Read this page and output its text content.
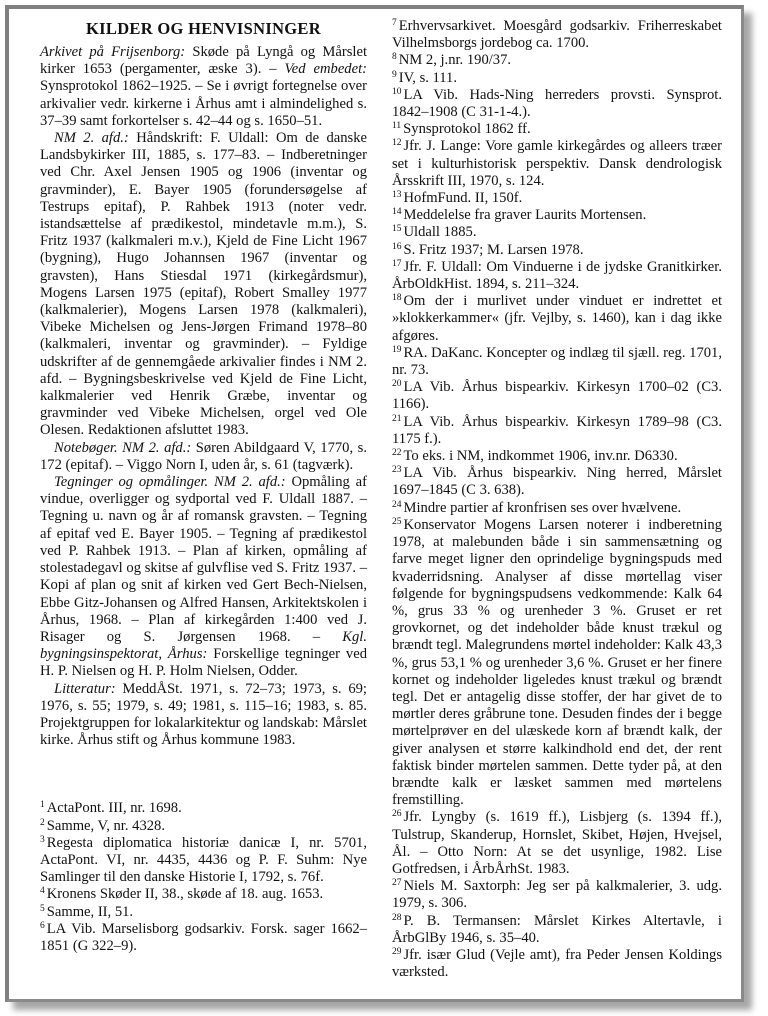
KILDER OG HENVISNINGER

Arkivet på Frijsenborg: Skøde på Lyngå og Mårslet kirker 1653 (pergamenter, æske 3). – Ved embedet: Synsprotokol 1862–1925. – Se i øvrigt fortegnelse over arkivalier vedr. kirkerne i Århus amt i almindelighed s. 37–39 samt forkortelser s. 42–44 og s. 1650–51.

NM 2. afd.: Håndskrift: F. Uldall: Om de danske Landsbykirker III, 1885, s. 177–83. – Indberetninger ved Chr. Axel Jensen 1905 og 1906 (inventar og gravminder), E. Bayer 1905 (forundersøgelse af Testrups epitaf), P. Rahbek 1913 (noter vedr. istandsættelse af prædikestol, mindetavle m.m.), S. Fritz 1937 (kalkmaleri m.v.), Kjeld de Fine Licht 1967 (bygning), Hugo Johannsen 1967 (inventar og gravsten), Hans Stiesdal 1971 (kirkegårdsmur), Mogens Larsen 1975 (epitaf), Robert Smalley 1977 (kalkmalerier), Mogens Larsen 1978 (kalkmaleri), Vibeke Michelsen og Jens-Jørgen Frimand 1978–80 (kalkmaleri, inventar og gravminder). – Fyldige udskrifter af de gennemgåede arkivalier findes i NM 2. afd. – Bygningsbeskrivelse ved Kjeld de Fine Licht, kalkmalerier ved Henrik Græbe, inventar og gravminder ved Vibeke Michelsen, orgel ved Ole Olesen. Redaktionen afsluttet 1983.

Notebøger. NM 2. afd.: Søren Abildgaard V, 1770, s. 172 (epitaf). – Viggo Norn I, uden år, s. 61 (tagværk).

Tegninger og opmålinger. NM 2. afd.: Opmåling af vindue, overligger og sydportal ved F. Uldall 1887. – Tegning u. navn og år af romansk gravsten. – Tegning af epitaf ved E. Bayer 1905. – Tegning af prædikestol ved P. Rahbek 1913. – Plan af kirken, opmåling af stolestadegavl og skitse af gulvflise ved S. Fritz 1937. – Kopi af plan og snit af kirken ved Gert Bech-Nielsen, Ebbe Gitz-Johansen og Alfred Hansen, Arkitektskolen i Århus, 1968. – Plan af kirkegården 1:400 ved J. Risager og S. Jørgensen 1968. – Kgl. bygningsinspektorat, Århus: Forskellige tegninger ved H. P. Nielsen og H. P. Holm Nielsen, Odder.

Litteratur: MeddÅSt. 1971, s. 72–73; 1973, s. 69; 1976, s. 55; 1979, s. 49; 1981, s. 115–16; 1983, s. 85. Projektgruppen for lokalarkitektur og landskab: Mårslet kirke. Århus stift og Århus kommune 1983.

$^1$ ActaPont. III, nr. 1698.

$^2$ Samme, V, nr. 4328.

$^3$ Regesta diplomatica historiæ danicæ I, nr. 5701, ActaPont. VI, nr. 4435, 4436 og P. F. Suhm: Nye Samlinger til den danske Historie I, 1792, s. 76f.

$^4$ Kronens Skøder II, 38., skøde af 18. aug. 1653.

$^5$ Samme, II, 51.

$^6$ LA Vib. Marselisborg godsarkiv. Forsk. sager 1662–1851 (G 322–9).

$^7$ Erhvervsarkivet. Moesgård godsarkiv. Friherreskabet Vilhelmsborgs jordebog ca. 1700.

$^8$ NM 2, j.nr. 190/37.

$^9$ IV, s. 111.

$^{10}$ LA Vib. Hads-Ning herreders provsti. Synsprot. 1842–1908 (C 31-1-4.).

$^{11}$ Synsprotokol 1862 ff.

$^{12}$ Jfr. J. Lange: Vore gamle kirkegårdes og alleers træer set i kulturhistorisk perspektiv. Dansk dendrologisk Årsskrift III, 1970, s. 124.

$^{13}$ HofmFund. II, 150f.

$^{14}$ Meddelelse fra graver Laurits Mortensen.

$^{15}$ Uldall 1885.

$^{16}$ S. Fritz 1937; M. Larsen 1978.

$^{17}$ Jfr. F. Uldall: Om Vinduerne i de jydske Granitkirker. ÅrbOldkHist. 1894, s. 211–324.

$^{18}$ Om der i murlivet under vinduet er indrettet et »klokkerkammer« (jfr. Vejlby, s. 1460), kan i dag ikke afgøres.

$^{19}$ RA. DaKanc. Koncepter og indlæg til sjæll. reg. 1701, nr. 73.

$^{20}$ LA Vib. Århus bispearkiv. Kirkesyn 1700–02 (C3. 1166).

$^{21}$ LA Vib. Århus bispearkiv. Kirkesyn 1789–98 (C3. 1175 f.).

$^{22}$ To eks. i NM, indkommet 1906, inv.nr. D6330.

$^{23}$ LA Vib. Århus bispearkiv. Ning herred, Mårslet 1697–1845 (C 3. 638).

$^{24}$ Mindre partier af kronfrisen ses over hvælvene.

$^{25}$ Konservator Mogens Larsen noterer i indberetning 1978, at malebunden både i sin sammensætning og farve meget ligner den oprindelige bygningspuds med kvaderridsning. Analyser af disse mørtellag viser følgende for bygningspudsens vedkommende: Kalk 64 %, grus 33 % og urenheder 3 %. Gruset er ret grovkornet, og det indeholder både knust trækul og brændt tegl. Malegrundens mørtel indeholder: Kalk 43,3 %, grus 53,1 % og urenheder 3,6 %. Gruset er her finere kornet og indeholder ligeledes knust trækul og brændt tegl. Det er antagelig disse stoffer, der har givet de to mørtler deres gråbrune tone. Desuden findes der i begge mørtelprøver en del ulæskede korn af brændt kalk, der giver analysen et større kalkindhold end det, der rent faktisk binder mørtelen sammen. Dette tyder på, at den brændte kalk er læsket sammen med mørtelens fremstilling.

$^{26}$ Jfr. Lyngby (s. 1619 ff.), Lisbjerg (s. 1394 ff.), Tulstrup, Skanderup, Hornslet, Skibet, Højen, Hvejsel, Ål. – Otto Norn: At se det usynlige, 1982. Lise Gotfredsen, i ÅrbÅrhSt. 1983.

$^{27}$ Niels M. Saxtorph: Jeg ser på kalkmalerier, 3. udg. 1979, s. 306.

$^{28}$ P. B. Termansen: Mårslet Kirkes Altertavle, i ÅrbGlBy 1946, s. 35–40.

$^{29}$ Jfr. især Glud (Vejle amt), fra Peder Jensen Koldings værksted.
